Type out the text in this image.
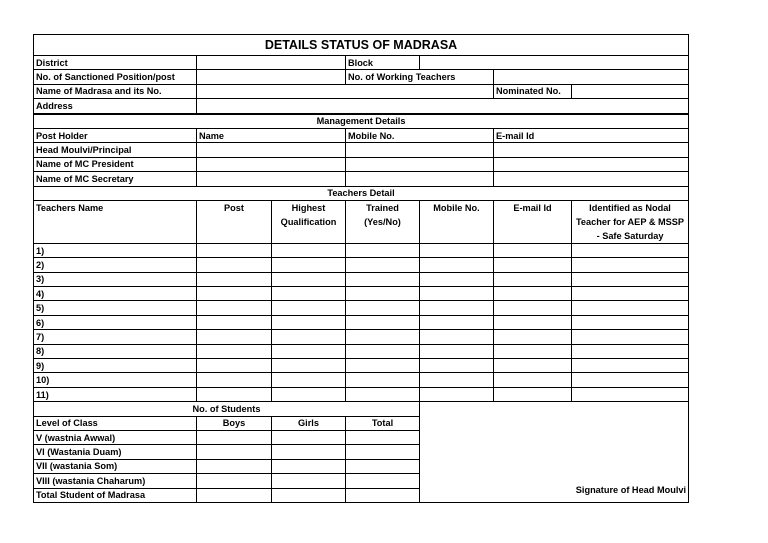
DETAILS STATUS OF MADRASA						
District			Block			
No. of Sanctioned Position/post			No. of Working Teachers			
Name of Madrasa and its No.					Nominated No.	
Address						
Management Details						
Post Holder	Name		Mobile No.		E-mail Id	
Head Moulvi/Principal						
Name of MC President						
Name of MC Secretary						
Teachers Detail						
Teachers Name	Post	Highest Qualification	Trained (Yes/No)	Mobile No.	E-mail Id	Identified as Nodal Teacher for AEP & MSSP - Safe Saturday
1)						
2)						
3)						
4)						
5)						
6)						
7)						
8)						
9)						
10)						
11)						
No. of Students				Signature of Head Moulvi		
Level of Class	Boys	Girls	Total			
V (wastnia Awwal)						
VI (Wastania Duam)						
VII (wastania Som)						
VIII (wastania Chaharum)						
Total Student of Madrasa						
